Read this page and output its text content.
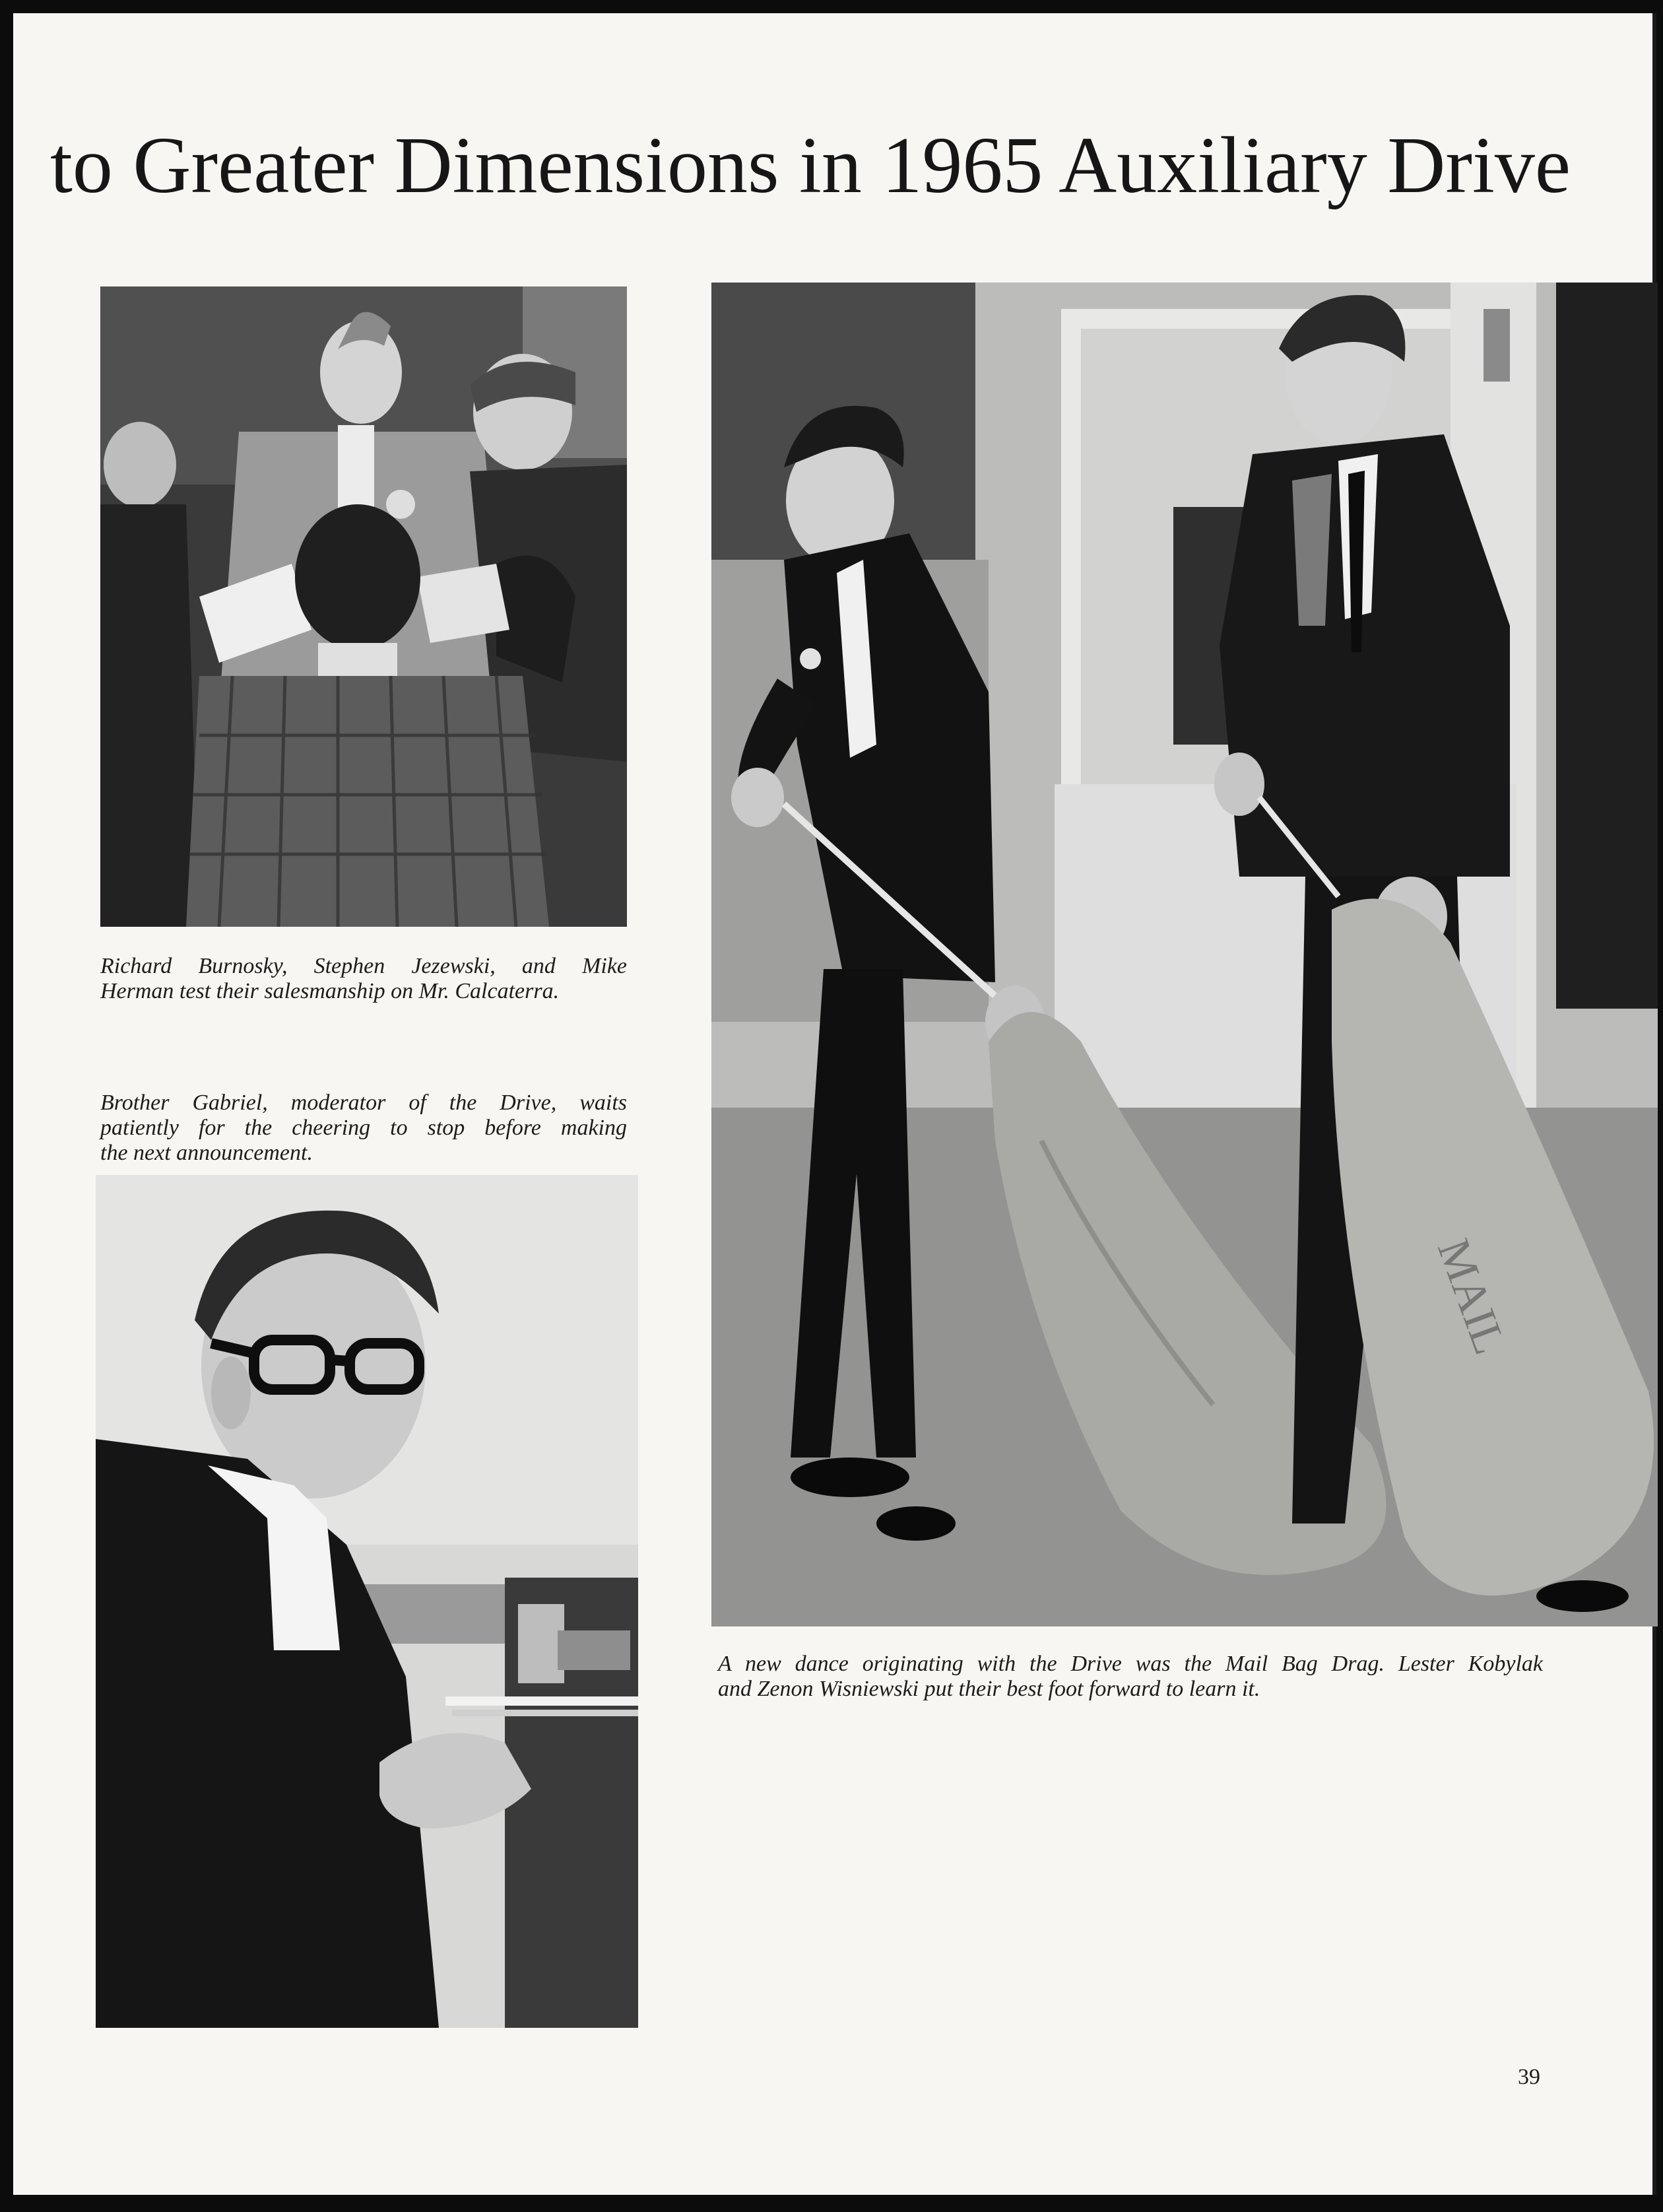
to Greater Dimensions in 1965 Auxiliary Drive

Richard Burnosky, Stephen Jezewski, and Mike
Herman test their salesmanship on Mr. Calcaterra.

Brother Gabriel, moderator of the Drive, waits
patiently for the cheering to stop before making
the next announcement.

MAIL

A new dance originating with the Drive was the Mail Bag Drag. Lester Kobylak
and Zenon Wisniewski put their best foot forward to learn it.

39
